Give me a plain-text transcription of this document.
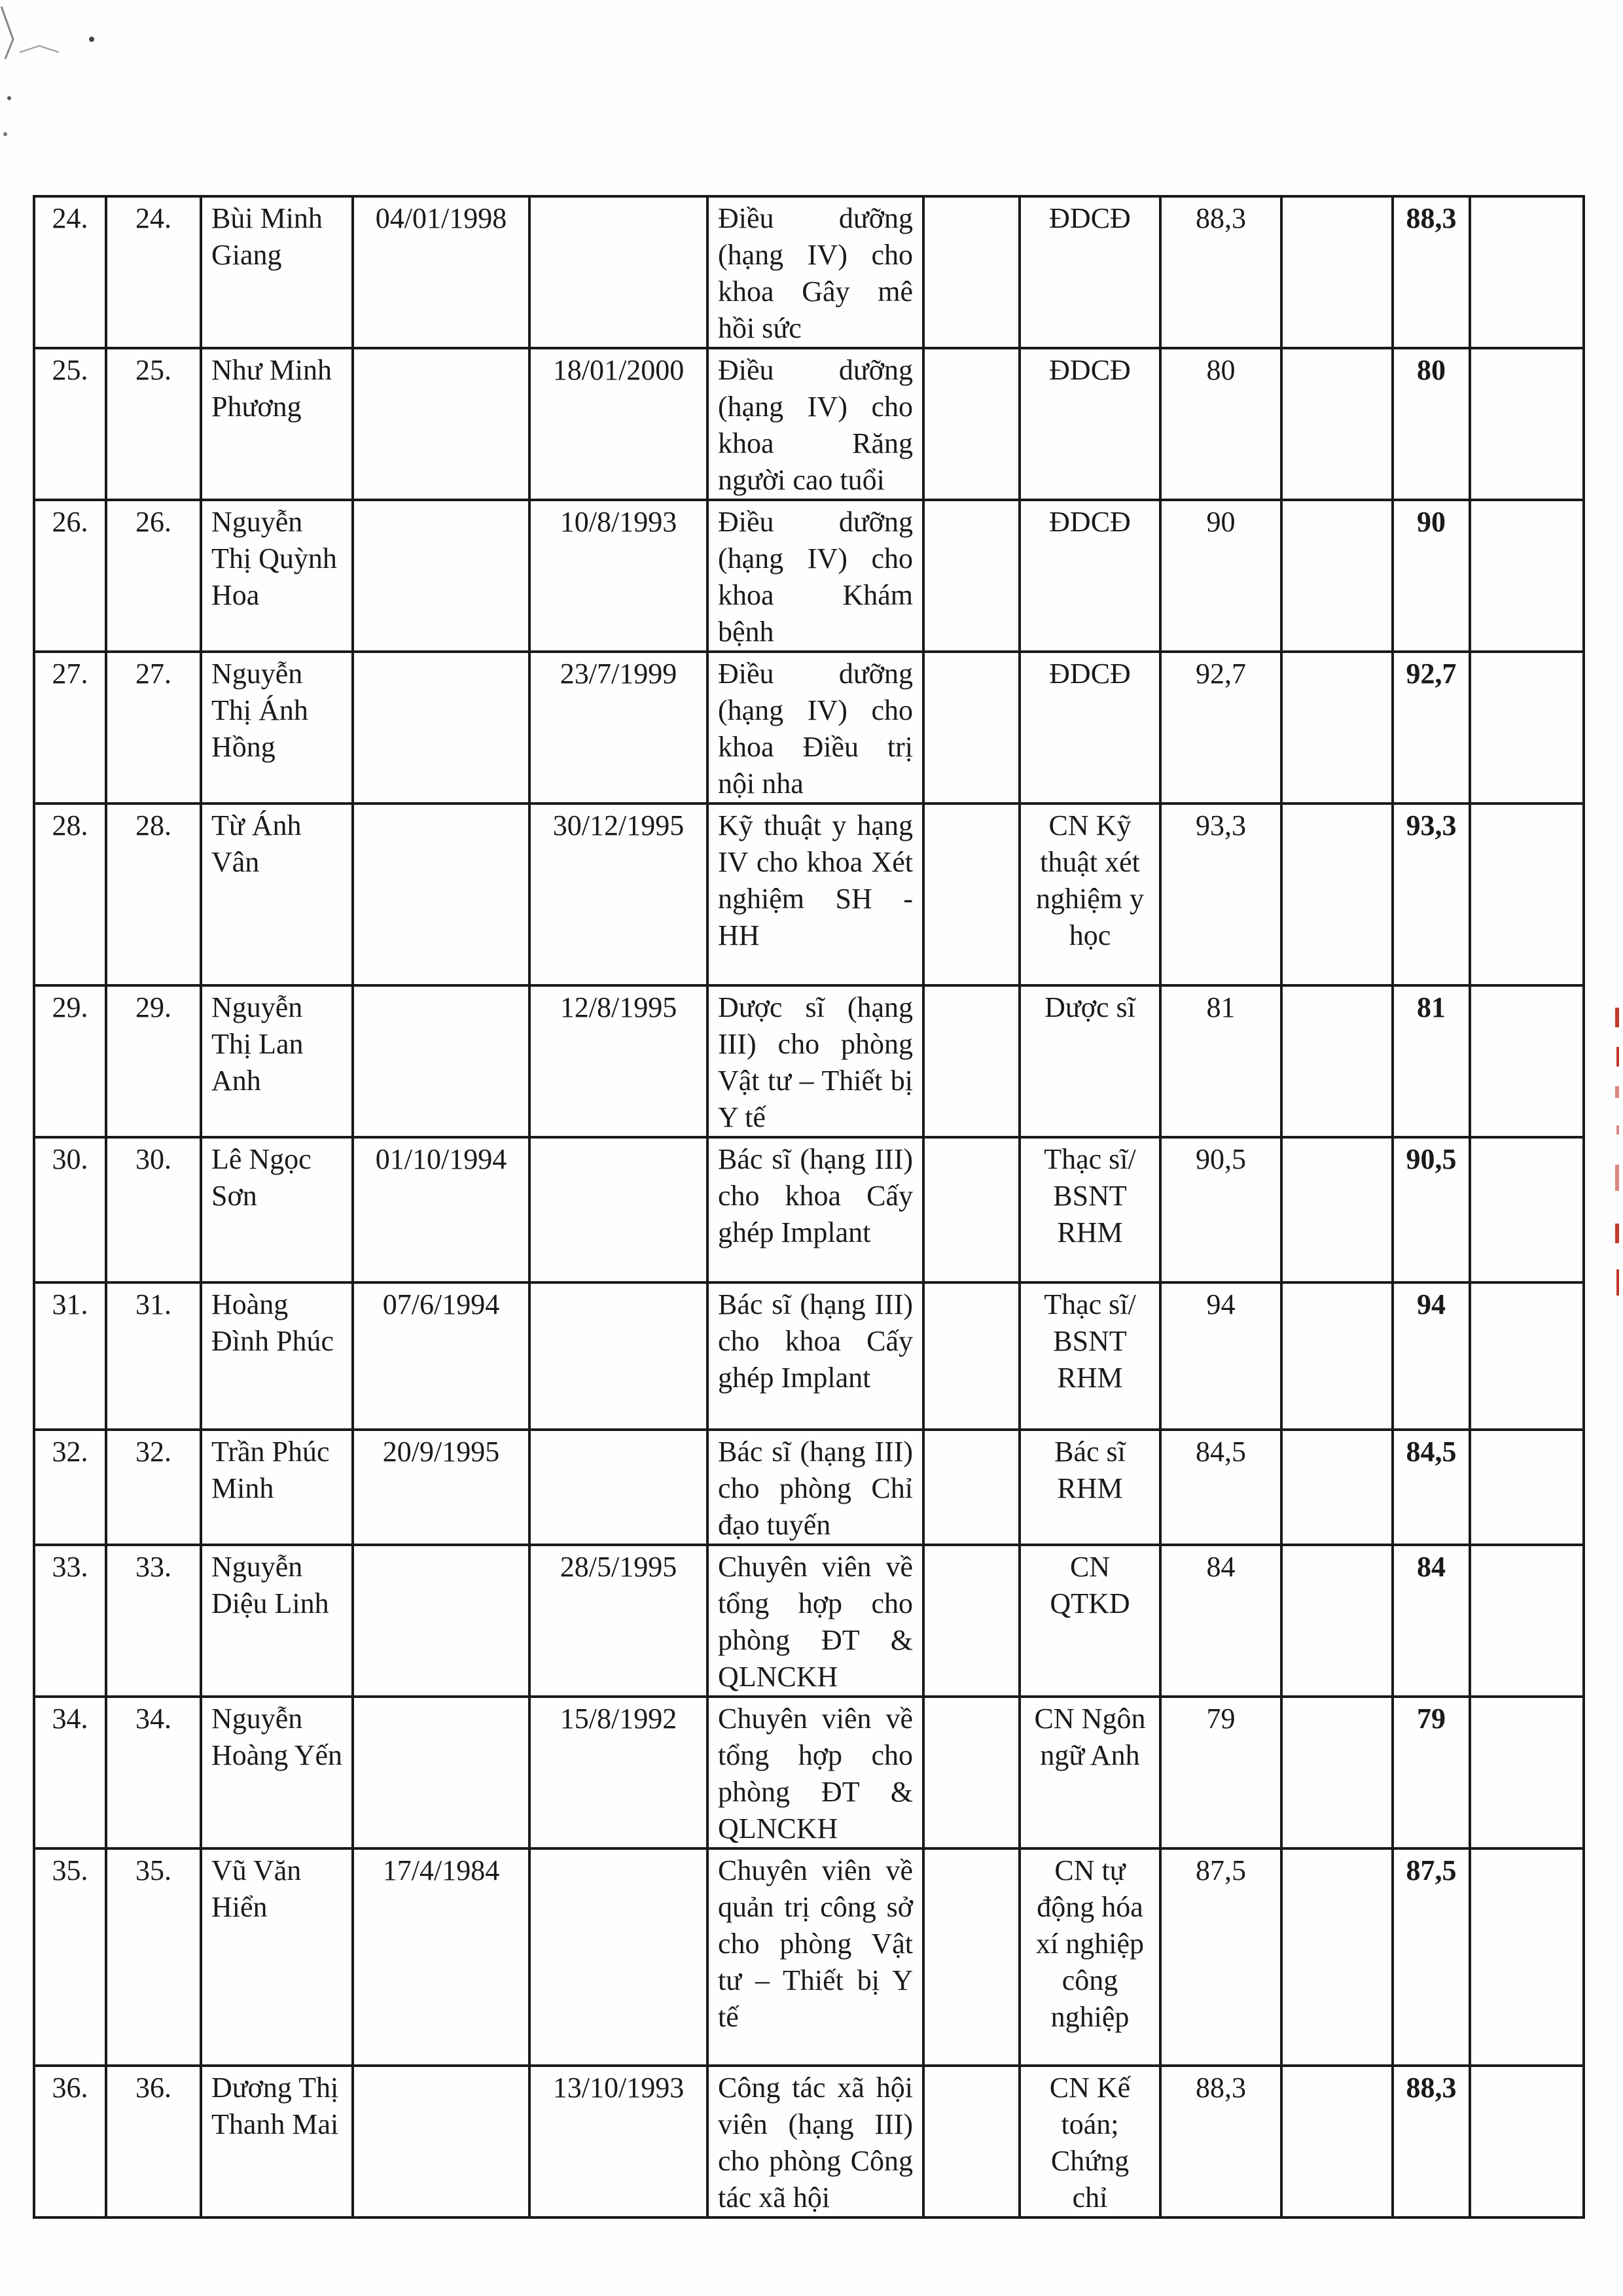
24.	24.	Bùi Minh Giang	04/01/1998		Điều dưỡng (hạng IV) cho khoa Gây mê hồi sức		ĐDCĐ	88,3		88,3	
25.	25.	Như Minh Phương		18/01/2000	Điều dưỡng (hạng IV) cho khoa Răng người cao tuổi		ĐDCĐ	80		80	
26.	26.	Nguyễn Thị Quỳnh Hoa		10/8/1993	Điều dưỡng (hạng IV) cho khoa Khám bệnh		ĐDCĐ	90		90	
27.	27.	Nguyễn Thị Ánh Hồng		23/7/1999	Điều dưỡng (hạng IV) cho khoa Điều trị nội nha		ĐDCĐ	92,7		92,7	
28.	28.	Từ Ánh Vân		30/12/1995	Kỹ thuật y hạng IV cho khoa Xét nghiệm SH - HH		CN Kỹ thuật xét nghiệm y học	93,3		93,3	
29.	29.	Nguyễn Thị Lan Anh		12/8/1995	Dược sĩ (hạng III) cho phòng Vật tư – Thiết bị Y tế		Dược sĩ	81		81	
30.	30.	Lê Ngọc Sơn	01/10/1994		Bác sĩ (hạng III) cho khoa Cấy ghép Implant		Thạc sĩ/ BSNT RHM	90,5		90,5	
31.	31.	Hoàng Đình Phúc	07/6/1994		Bác sĩ (hạng III) cho khoa Cấy ghép Implant		Thạc sĩ/ BSNT RHM	94		94	
32.	32.	Trần Phúc Minh	20/9/1995		Bác sĩ (hạng III) cho phòng Chỉ đạo tuyến		Bác sĩ RHM	84,5		84,5	
33.	33.	Nguyễn Diệu Linh		28/5/1995	Chuyên viên về tổng hợp cho phòng ĐT & QLNCKH		CN QTKD	84		84	
34.	34.	Nguyễn Hoàng Yến		15/8/1992	Chuyên viên về tổng hợp cho phòng ĐT & QLNCKH		CN Ngôn ngữ Anh	79		79	
35.	35.	Vũ Văn Hiển	17/4/1984		Chuyên viên về quản trị công sở cho phòng Vật tư – Thiết bị Y tế		CN tự động hóa xí nghiệp công nghiệp	87,5		87,5	
36.	36.	Dương Thị Thanh Mai		13/10/1993	Công tác xã hội viên (hạng III) cho phòng Công tác xã hội		CN Kế toán; Chứng chỉ	88,3		88,3	
